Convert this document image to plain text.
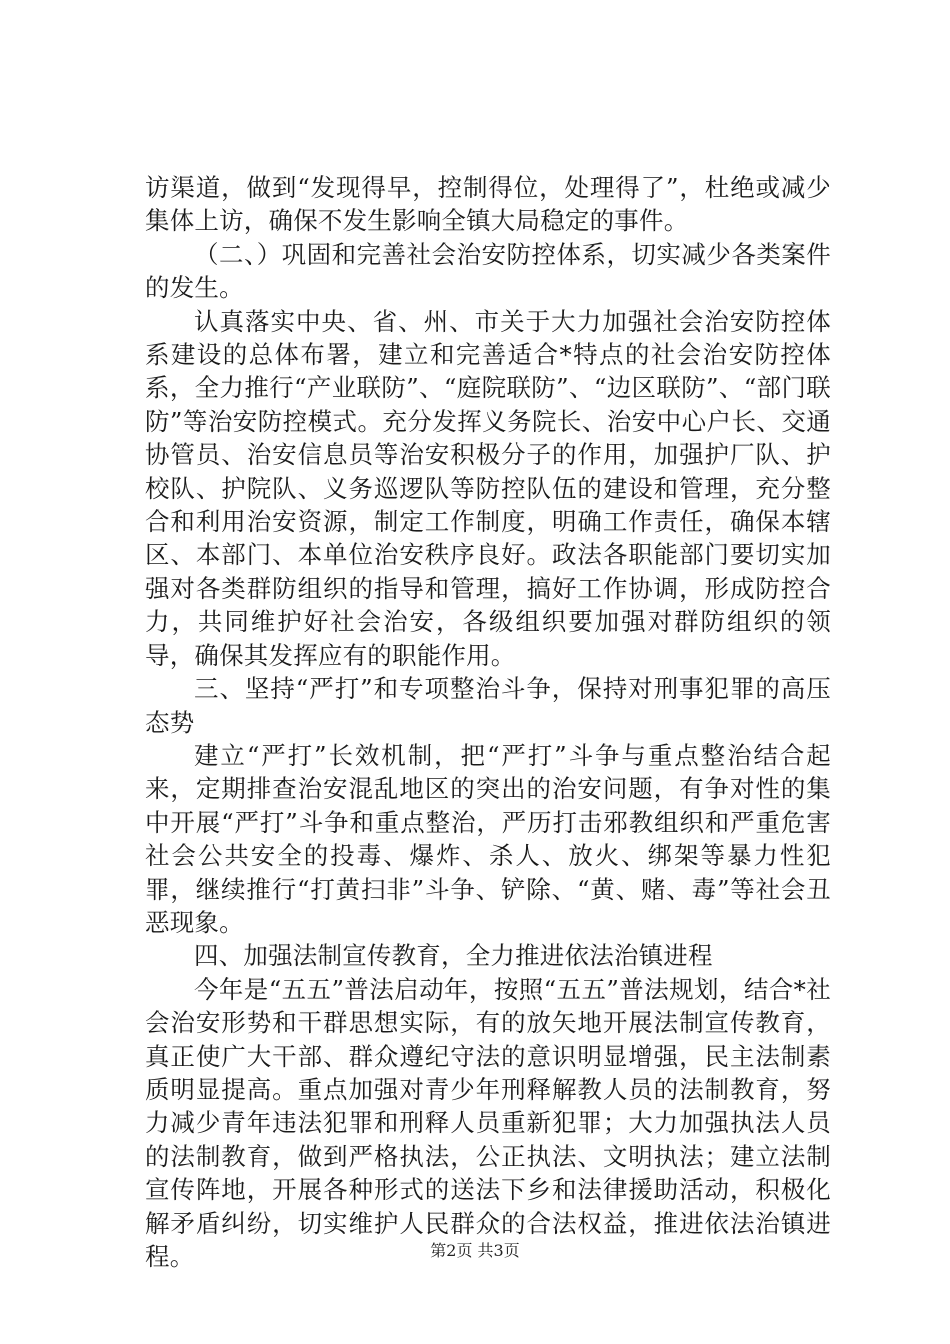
访渠道，做到“发现得早，控制得位，处理得了”，杜绝或减少集体上访，确保不发生影响全镇大局稳定的事件。

（二、）巩固和完善社会治安防控体系，切实减少各类案件的发生。

认真落实中央、省、州、市关于大力加强社会治安防控体系建设的总体布署，建立和完善适合*特点的社会治安防控体系，全力推行“产业联防”、“庭院联防”、“边区联防”、“部门联防”等治安防控模式。充分发挥义务院长、治安中心户长、交通协管员、治安信息员等治安积极分子的作用，加强护厂队、护校队、护院队、义务巡逻队等防控队伍的建设和管理，充分整合和利用治安资源，制定工作制度，明确工作责任，确保本辖区、本部门、本单位治安秩序良好。政法各职能部门要切实加强对各类群防组织的指导和管理，搞好工作协调，形成防控合力，共同维护好社会治安，各级组织要加强对群防组织的领导，确保其发挥应有的职能作用。

三、坚持“严打”和专项整治斗争，保持对刑事犯罪的高压态势

建立“严打”长效机制，把“严打”斗争与重点整治结合起来，定期排查治安混乱地区的突出的治安问题，有争对性的集中开展“严打”斗争和重点整治，严历打击邪教组织和严重危害社会公共安全的投毒、爆炸、杀人、放火、绑架等暴力性犯罪，继续推行“打黄扫非”斗争、铲除、“黄、赌、毒”等社会丑恶现象。

四、加强法制宣传教育，全力推进依法治镇进程

今年是“五五”普法启动年，按照“五五”普法规划，结合*社会治安形势和干群思想实际，有的放矢地开展法制宣传教育，真正使广大干部、群众遵纪守法的意识明显增强，民主法制素质明显提高。重点加强对青少年刑释解教人员的法制教育，努力减少青年违法犯罪和刑释人员重新犯罪；大力加强执法人员的法制教育，做到严格执法，公正执法、文明执法；建立法制宣传阵地，开展各种形式的送法下乡和法律援助活动，积极化解矛盾纠纷，切实维护人民群众的合法权益，推进依法治镇进程。	第2页 共3页
